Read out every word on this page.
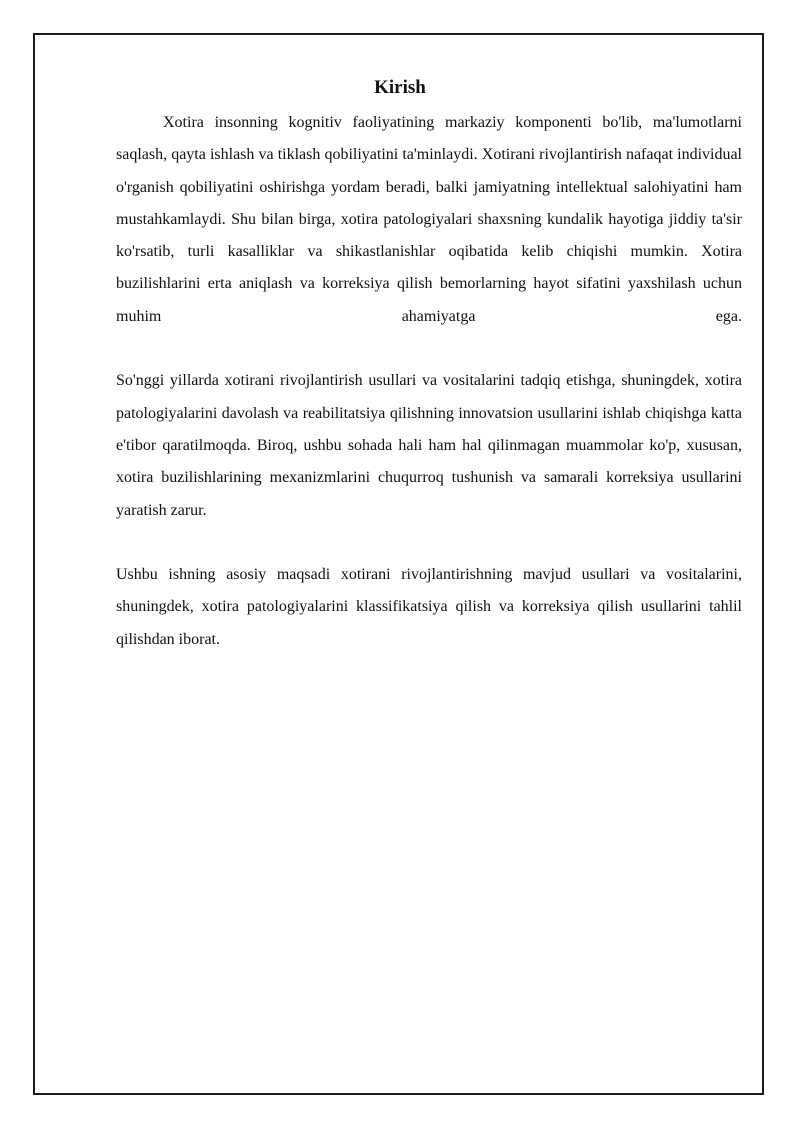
Kirish

Xotira insonning kognitiv faoliyatining markaziy komponenti bo'lib, ma'lumotlarni saqlash, qayta ishlash va tiklash qobiliyatini ta'minlaydi. Xotirani rivojlantirish nafaqat individual o'rganish qobiliyatini oshirishga yordam beradi, balki jamiyatning intellektual salohiyatini ham mustahkamlaydi. Shu bilan birga, xotira patologiyalari shaxsning kundalik hayotiga jiddiy ta'sir ko'rsatib, turli kasalliklar va shikastlanishlar oqibatida kelib chiqishi mumkin. Xotira buzilishlarini erta aniqlash va korreksiya qilish bemorlarning hayot sifatini yaxshilash uchun muhim ahamiyatga ega.

So'nggi yillarda xotirani rivojlantirish usullari va vositalarini tadqiq etishga, shuningdek, xotira patologiyalarini davolash va reabilitatsiya qilishning innovatsion usullarini ishlab chiqishga katta e'tibor qaratilmoqda. Biroq, ushbu sohada hali ham hal qilinmagan muammolar ko'p, xususan, xotira buzilishlarining mexanizmlarini chuqurroq tushunish va samarali korreksiya usullarini yaratish zarur.

Ushbu ishning asosiy maqsadi xotirani rivojlantirishning mavjud usullari va vositalarini, shuningdek, xotira patologiyalarini klassifikatsiya qilish va korreksiya qilish usullarini tahlil qilishdan iborat.
